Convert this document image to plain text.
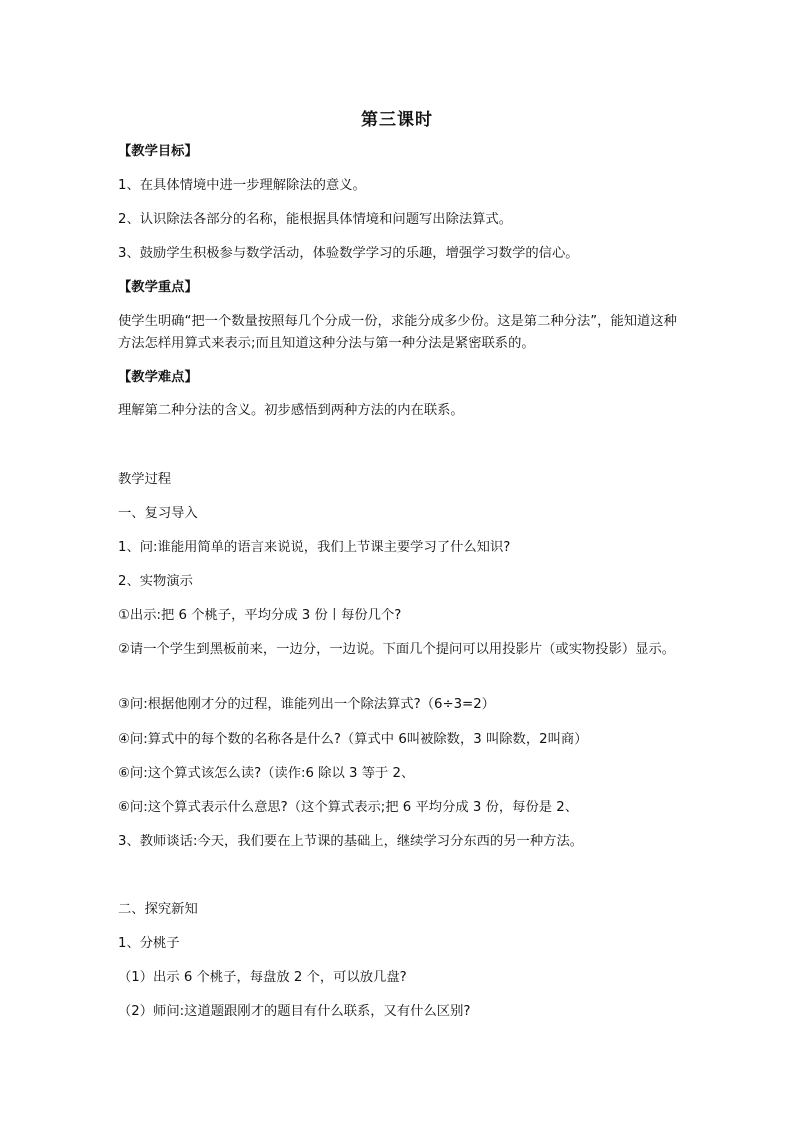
第三课时
【教学目标】
1、在具体情境中进一步理解除法的意义。
2、认识除法各部分的名称，能根据具体情境和问题写出除法算式。
3、鼓励学生积极参与数学活动，体验数学学习的乐趣，增强学习数学的信心。
【教学重点】
使学生明确“把一个数量按照每几个分成一份，求能分成多少份。这是第二种分法”，能知道这种方法怎样用算式来表示;而且知道这种分法与第一种分法是紧密联系的。
【教学难点】
理解第二种分法的含义。初步感悟到两种方法的内在联系。
教学过程
一、复习导入
1、问:谁能用简单的语言来说说，我们上节课主要学习了什么知识?
2、实物演示
①出示:把 6 个桃子，平均分成 3 份丨每份几个?
②请一个学生到黑板前来，一边分，一边说。下面几个提问可以用投影片（或实物投影）显示。
③问:根据他刚才分的过程，谁能列出一个除法算式?（6÷3=2）
④问:算式中的每个数的名称各是什么?（算式中 6叫被除数，3 叫除数，2叫商）
⑥问:这个算式该怎么读?（读作:6 除以 3 等于 2、
⑥问:这个算式表示什么意思?（这个算式表示;把 6 平均分成 3 份，每份是 2、
3、教师谈话:今天，我们要在上节课的基础上，继续学习分东西的另一种方法。
二、探究新知
1、分桃子
（1）出示 6 个桃子，每盘放 2 个，可以放几盘?
（2）师问:这道题跟刚才的题目有什么联系，又有什么区别?
